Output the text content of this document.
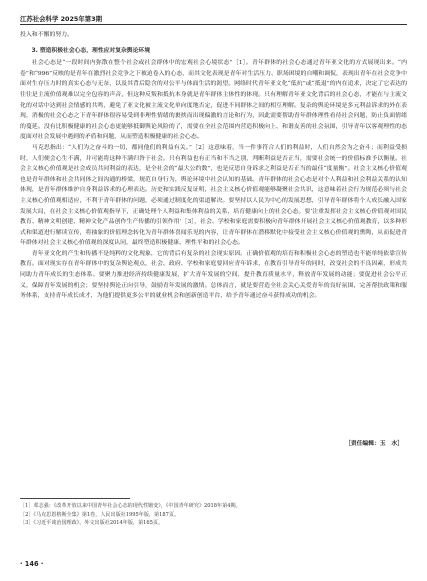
江苏社会科学 2025年第3期

投入和不懈的努力。

3. 塑造积极社会心态，理性应对复杂舆论环境

社会心态是“一段时间内弥散在整个社会或社会群体中的宏观社会心境状态”［1］。青年群体的社会心态通过青年亚文化的方式展现出来。“内卷”和“996”反映的是青年在激烈社会竞争之下被迫卷入的心态，而其文化表现是青年对生活压力、职场困境的自嘲和调侃，表现出青年在社会竞争中面对生存压力时的真实心态与无奈，以及其背后隐含的对公平与体面生活的渴望。网络时代青年亚文化“低抗”或“抵退”的内在追求，决定了它表达的往往是主流价值观难以完全包容的声音，但这种反叛和抵抗本身就是青年群体主体性的体现。只有理解青年亚文化背后的社会心态，才能在与主流文化的对话中达到社会情感的共鸣，避免了亚文化被主流文化单向度地否定，促进不同群体之间的相互理解。复杂的舆论环境是多元利益诉求的外在表现，消极的社会心态之下青年群体很容易受到非理性情绪的裹挟而出现偏激的言论和行为，因此需要帮助青年群体理性看待社会问题，防止负面情绪的蔓延。没有比积极健康的社会心态更能够抵御舆论风险的了，需要在全社会范围内营造积极向上、和谐友善的社会氛围，引导青年以客观理性的态度面对社会发展中遇到的矛盾和问题，从而塑造积极健康的社会心态。

马克思指出：“人们为之奋斗的一切，都同他们的利益有关。”［2］这意味着，当一件事符合人们的利益时，人们自然会为之奋斗；而利益受损时，人们便会心生不满，并可能将这种不满归咎于社会。只有利益也有正当和不当之别，判断利益是否正当，需要社会统一的价值标准予以衡量。社会主义核心价值观是社会成员共同利益的表达，是全社会的“最大公约数”，也是反思自身诉求之利益是否正当的最佳“度量衡”。社会主义核心价值观也是青年群体和社会共同体之间沟通的桥梁，规范自身行为，舆论环境中社会认知的基础。青年群体的社会心态是对个人利益和社会利益关系的认知体现，是青年群体维护自身利益诉求的心理表达。历史和实践反复证明，社会主义核心价值观能够凝聚社会共识，这意味着社会行为规范必须与社会主义核心价值观相适应，不利于青年群体的问题，必须通过制度化的渠道解决。要坚持以人民为中心的发展思想，引导青年群体将个人成长融入国家发展大局，在社会主义核心价值观指导下，正确处理个人利益和集体利益的关系，培育健康向上的社会心态。要‘注重发挥社会主义核心价值观对国民教育、精神文明创建、精神文化产品创作生产传播的引领作用’［3］，社会、学校和家庭需要积极向青年群体开展社会主义核心价值观教育，以多种形式和渠道进行解读宣传，将抽象的价值理念转化为青年群体喜闻乐见的内容，让青年群体在潜移默化中接受社会主义核心价值观的熏陶，从而促进青年群体对社会主义核心价值观的深度认同，最终塑造积极健康、理性平和的社会心态。

青年亚文化的产生和传播不是纯粹的文化现象，它的背后有复杂的社会现实原因。正确价值观的培育和积极社会心态的塑造也不能单纯依靠宣传教育。面对现实存在青年群体中的复杂舆论观点，社会、政府、学校和家庭要回应青年诉求，在教育引导青年的同时，改变社会的不良因素，形成共同助力青年成长的生态体系。要聚力推进经济持续健康发展，扩大青年发展的空间，提升教育质量水平，释放青年发展的动能；要促进社会公平正义，保障青年发展的机会；要坚持舆论正向引导，鼓励青年发展的激情。总体而言，就是要营造全社会关心关爱青年的良好氛围，完善帮扶政策和服务体系，支持青年成长成才，为他们提供更多公平的就业机会和创新创造平台，给予青年通过奋斗获得成功的机会。

［责任编辑：玉　水］
［1］邓志强：《改革开放以来中国青年社会心态的现代性嬗变》，《中国青年研究》2018年第4期。
［2］《马克思恩格斯全集》第1卷，人民出版社1995年版，第187页。
［3］《习近平谈治国理政》，外文出版社2014年版，第165页。
· 146 ·
